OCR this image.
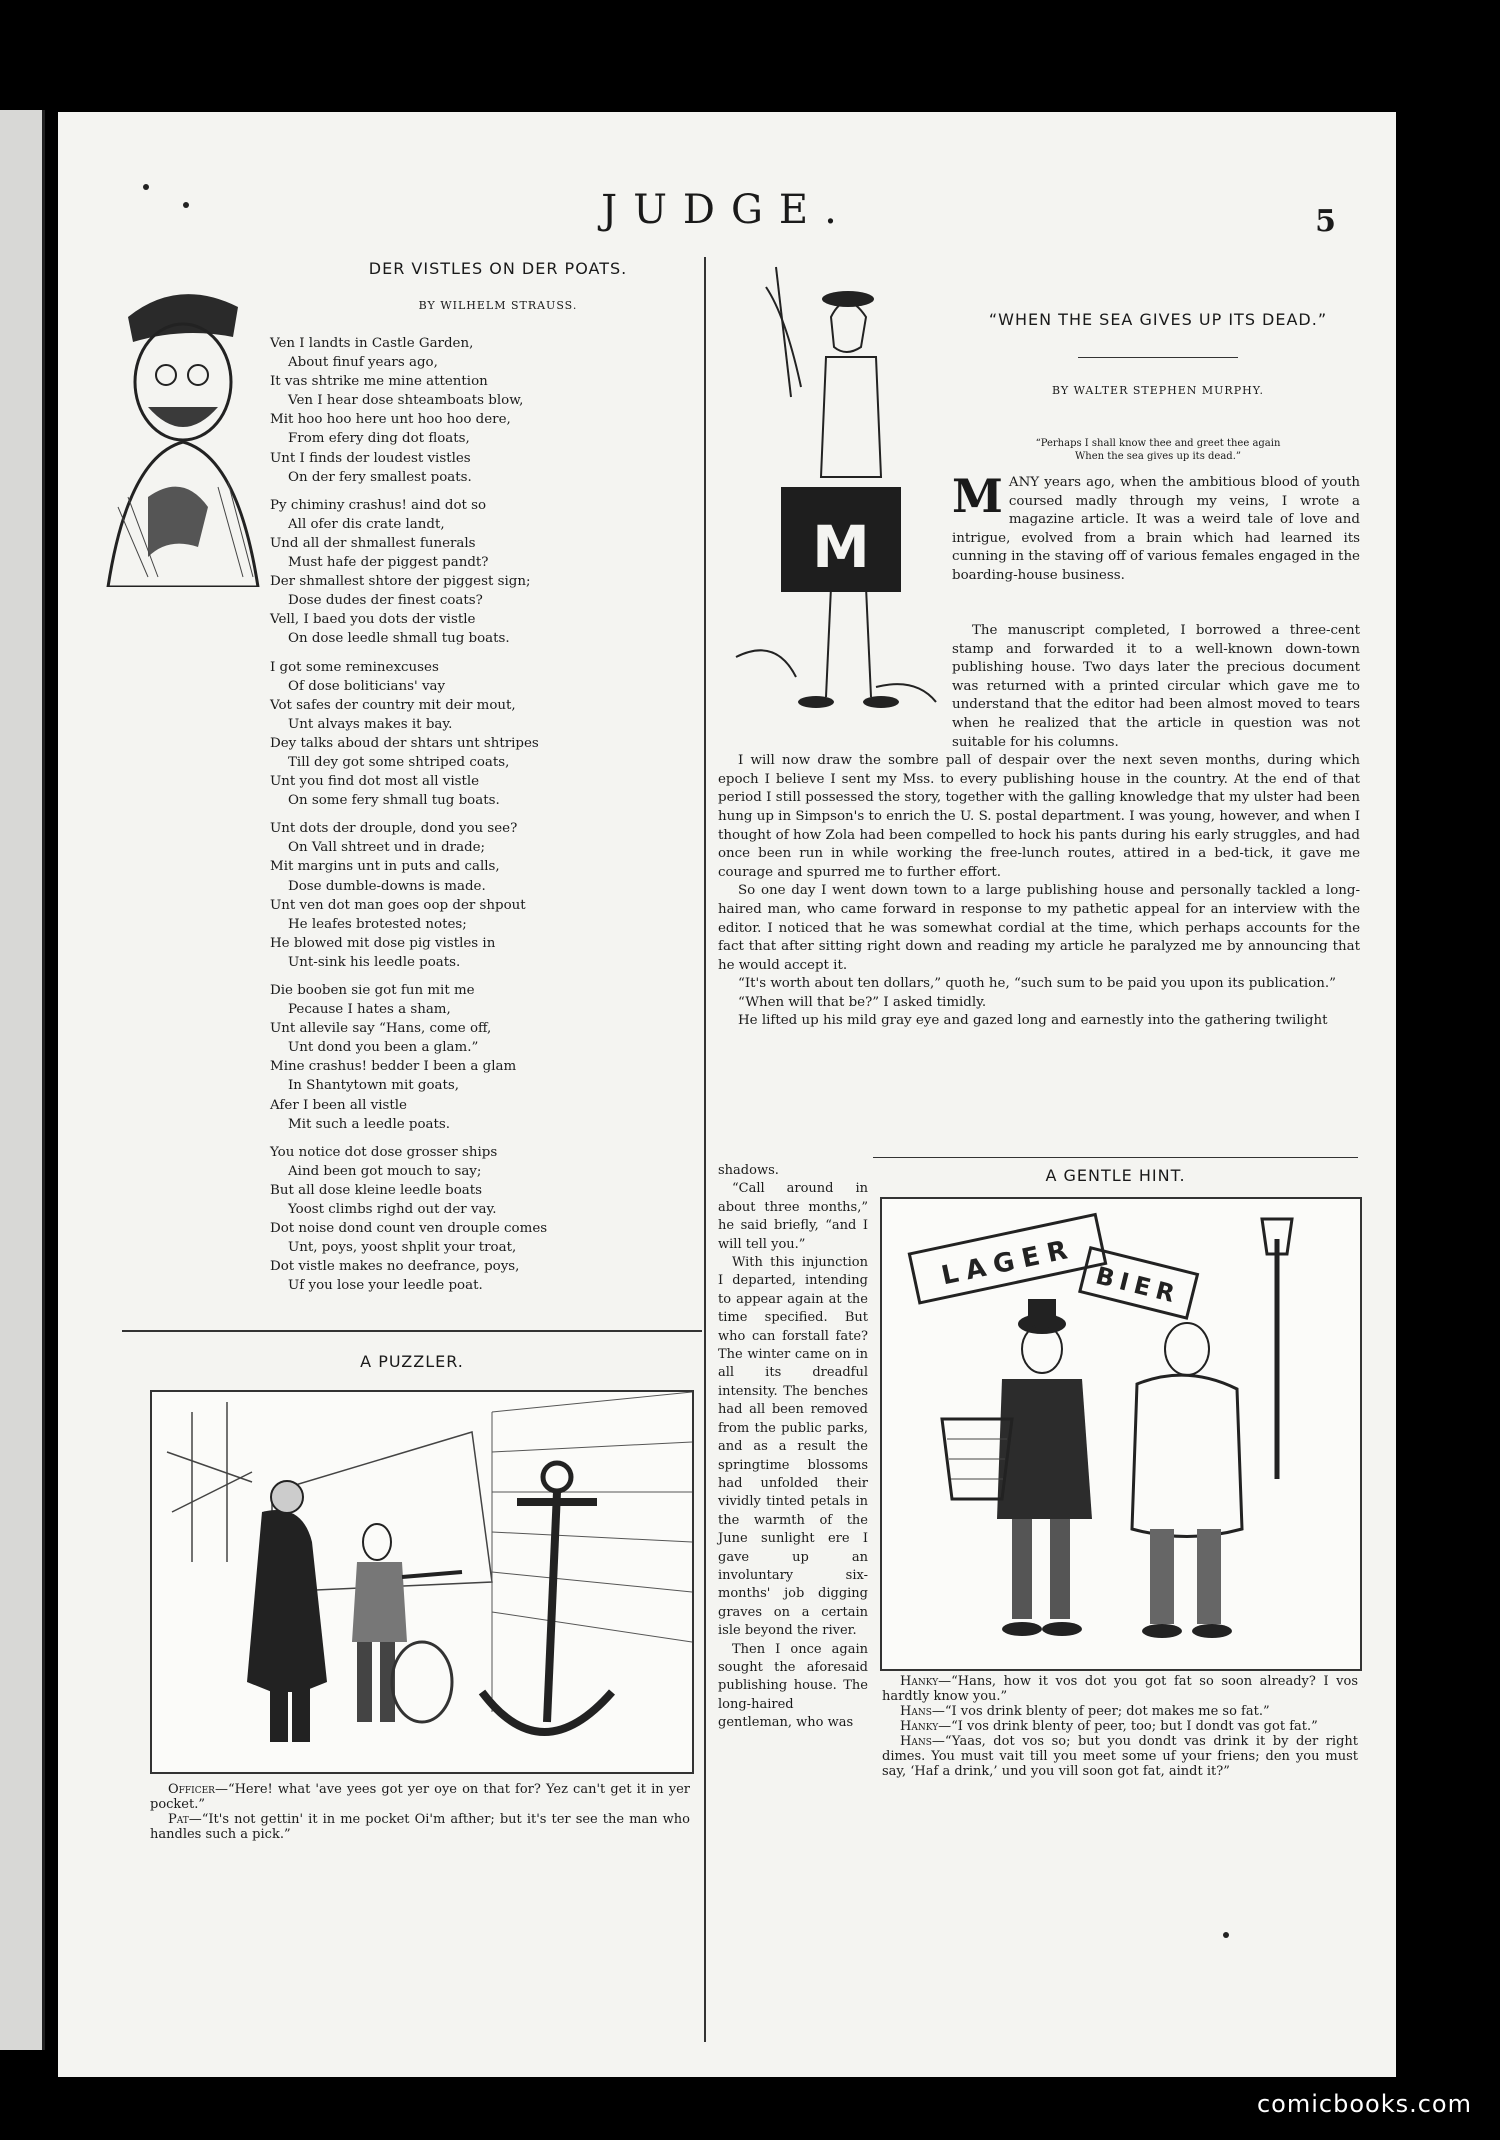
JUDGE.	5
DER VISTLES ON DER POATS.
BY WILHELM STRAUSS.
Ven I landts in Castle Garden,
About finuf years ago,
It vas shtrike me mine attention
Ven I hear dose shteamboats blow,
Mit hoo hoo here unt hoo hoo dere,
From efery ding dot floats,
Unt I finds der loudest vistles
On der fery smallest poats.
Py chiminy crashus! aind dot so
All ofer dis crate landt,
Und all der shmallest funerals
Must hafe der piggest pandt?
Der shmallest shtore der piggest sign;
Dose dudes der finest coats?
Vell, I baed you dots der vistle
On dose leedle shmall tug boats.
I got some reminexcuses
Of dose boliticians' vay
Vot safes der country mit deir mout,
Unt alvays makes it bay.
Dey talks aboud der shtars unt shtripes
Till dey got some shtriped coats,
Unt you find dot most all vistle
On some fery shmall tug boats.
Unt dots der drouple, dond you see?
On Vall shtreet und in drade;
Mit margins unt in puts and calls,
Dose dumble-downs is made.
Unt ven dot man goes oop der shpout
He leafes brotested notes;
He blowed mit dose pig vistles in
Unt-sink his leedle poats.
Die booben sie got fun mit me
Pecause I hates a sham,
Unt allevile say “Hans, come off,
Unt dond you been a glam.”
Mine crashus! bedder I been a glam
In Shantytown mit goats,
Afer I been all vistle
Mit such a leedle poats.
You notice dot dose grosser ships
Aind been got mouch to say;
But all dose kleine leedle boats
Yoost climbs righd out der vay.
Dot noise dond count ven drouple comes
Unt, poys, yoost shplit your troat,
Dot vistle makes no deefrance, poys,
Uf you lose your leedle poat.
A PUZZLER.

Officer—“Here! what 'ave yees got yer oye on that for? Yez can't get it in yer pocket.”

Pat—“It's not gettin' it in me pocket Oi'm afther; but it's ter see the man who handles such a pick.”

M
“WHEN THE SEA GIVES UP ITS DEAD.”
BY WALTER STEPHEN MURPHY.
“Perhaps I shall know thee and greet thee again
When the sea gives up its dead.”

MANY years ago, when the ambitious blood of youth coursed madly through my veins, I wrote a magazine article. It was a weird tale of love and intrigue, evolved from a brain which had learned its cunning in the staving off of various females engaged in the boarding-house business.

The manuscript completed, I borrowed a three-cent stamp and forwarded it to a well-known down-town publishing house. Two days later the precious document was returned with a printed circular which gave me to understand that the editor had been almost moved to tears when he realized that the article in question was not suitable for his columns.

I will now draw the sombre pall of despair over the next seven months, during which epoch I believe I sent my Mss. to every publishing house in the country. At the end of that period I still possessed the story, together with the galling knowledge that my ulster had been hung up in Simpson's to enrich the U. S. postal department. I was young, however, and when I thought of how Zola had been compelled to hock his pants during his early struggles, and had once been run in while working the free-lunch routes, attired in a bed-tick, it gave me courage and spurred me to further effort.

So one day I went down town to a large publishing house and personally tackled a long-haired man, who came forward in response to my pathetic appeal for an interview with the editor. I noticed that he was somewhat cordial at the time, which perhaps accounts for the fact that after sitting right down and reading my article he paralyzed me by announcing that he would accept it.

“It's worth about ten dollars,” quoth he, “such sum to be paid you upon its publication.”

“When will that be?” I asked timidly.

He lifted up his mild gray eye and gazed long and earnestly into the gathering twilight

shadows.

“Call around in about three months,” he said briefly, “and I will tell you.”

With this injunction I departed, intending to appear again at the time specified. But who can forstall fate? The winter came on in all its dreadful intensity. The benches had all been removed from the public parks, and as a result the springtime blossoms had unfolded their vividly tinted petals in the warmth of the June sunlight ere I gave up an involuntary six-months' job digging graves on a certain isle beyond the river.

Then I once again sought the aforesaid publishing house. The long-haired gentleman, who was

A GENTLE HINT.
LAGER BIER

Hanky—“Hans, how it vos dot you got fat so soon already? I vos hardtly know you.”

Hans—“I vos drink blenty of peer; dot makes me so fat.”

Hanky—“I vos drink blenty of peer, too; but I dondt vas got fat.”

Hans—“Yaas, dot vos so; but you dondt vas drink it by der right dimes. You must vait till you meet some uf your friens; den you must say, ‘Haf a drink,’ und you vill soon got fat, aindt it?”

comicbooks.com
